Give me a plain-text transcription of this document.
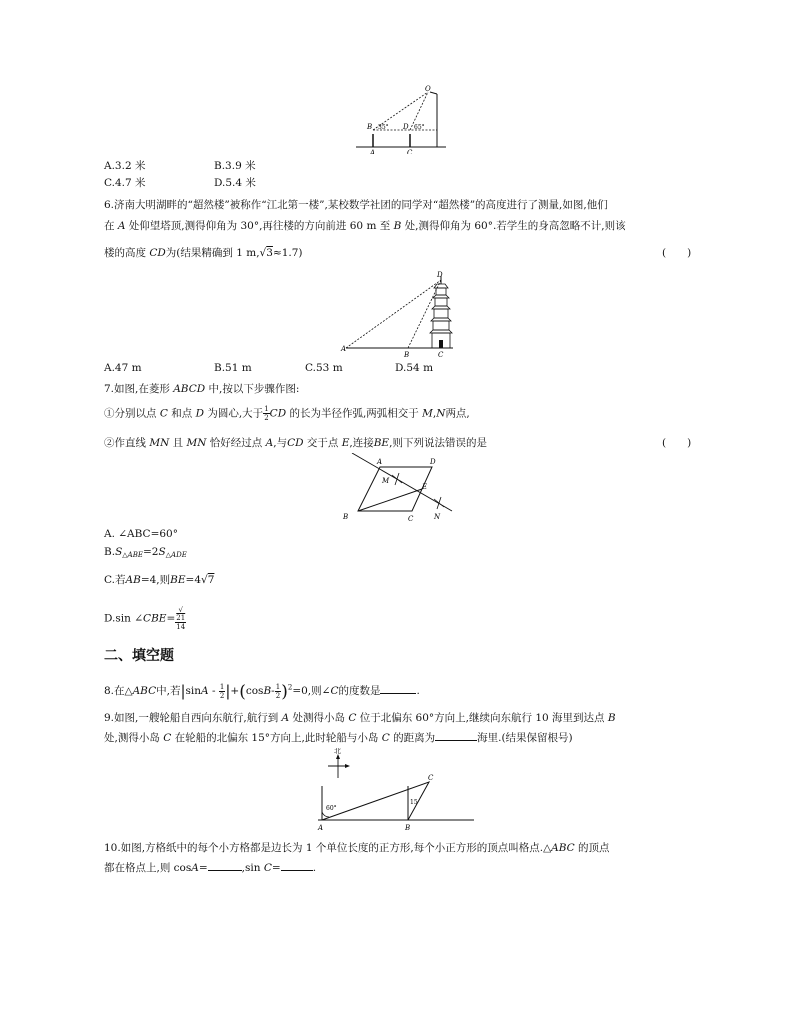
O
B 35° D 65°
A	C
A.3.2 米	B.3.9 米
C.4.7 米	D.5.4 米
6.济南大明湖畔的“超然楼”被称作“江北第一楼”,某校数学社团的同学对“超然楼”的高度进行了测量,如图,他们
在 A 处仰望塔顶,测得仰角为 30°,再往楼的方向前进 60 m 至 B 处,测得仰角为 60°.若学生的身高忽略不计,则该
楼的高度 CD为(结果精确到 1 m,√3≈1.7)	(　　)
D
A
B	C
A.47 m	B.51 m	C.53 m	D.54 m
7.如图,在菱形 ABCD 中,按以下步骤作图:
①分别以点 C 和点 D 为圆心,大于 $\frac{1}{2}$ CD 的长为半径作弧,两弧相交于 M,N两点,
②作直线 MN 且 MN 恰好经过点 A,与CD 交于点 E,连接BE,则下列说法错误的是	(　　)
A	D
M
E
B	C	N
A. ∠ABC=60°
$B.S_{\triangle ABE}=2S_{\triangle ADE}$
C.若AB=4,则BE=4√7
D.sin ∠CBE= √
21
14
二、填空题
8.在△ABC中,若$|\sin A - \frac{1}{2} |+(\cos B- \frac{1}{2} )^2=0$,则∠C的度数是	.
9.如图,一艘轮船自西向东航行,航行到 A 处测得小岛 C 位于北偏东 60°方向上,继续向东航行 10 海里到达点 B
处,测得小岛 C 在轮船的北偏东 15°方向上,此时轮船与小岛 C 的距离为	海里.(结果保留根号)
北
60°
15
A	B
C
10.如图,方格纸中的每个小方格都是边长为 1 个单位长度的正方形,每个小正方形的顶点叫格点.△ABC 的顶点
都在格点上,则 cosA=	,sin C=	.
